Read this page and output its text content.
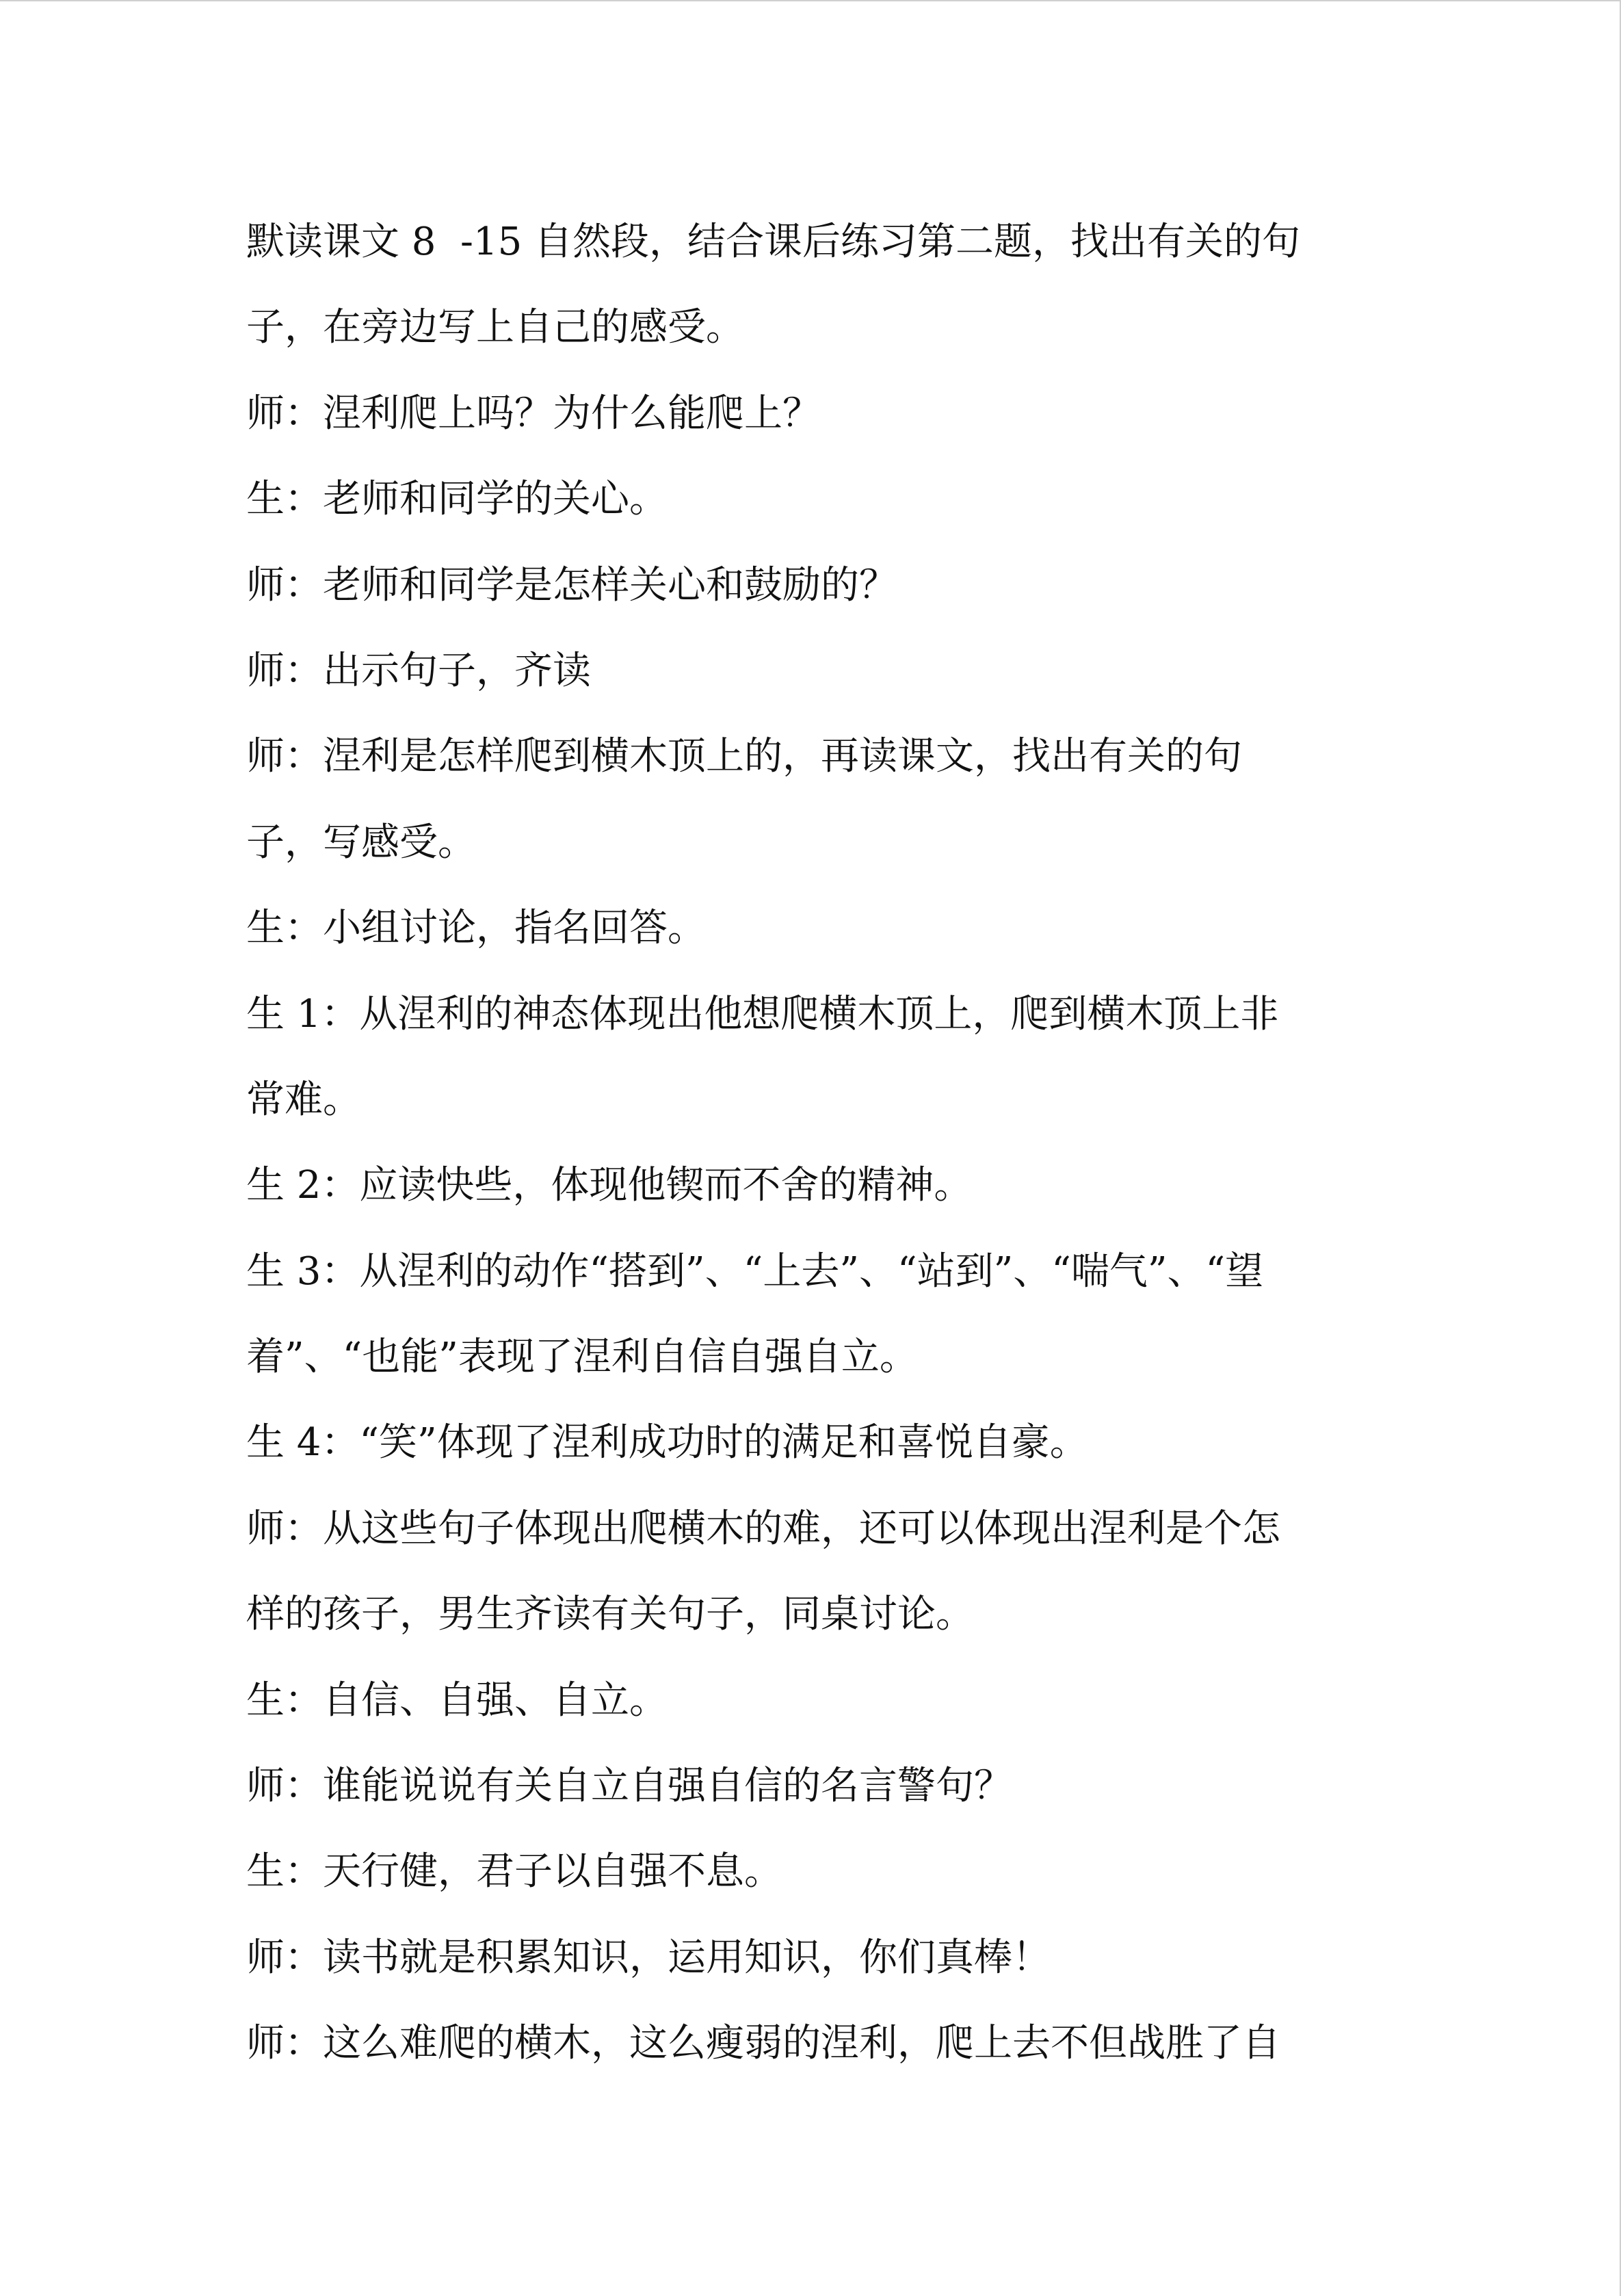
默读课文 8  -15 自然段，结合课后练习第二题，找出有关的句
子，在旁边写上自己的感受。
师：涅利爬上吗？为什么能爬上？
生：老师和同学的关心。
师：老师和同学是怎样关心和鼓励的？
师：出示句子，齐读
师：涅利是怎样爬到横木顶上的，再读课文，找出有关的句
子，写感受。
生：小组讨论，指名回答。
生 1：从涅利的神态体现出他想爬横木顶上，爬到横木顶上非
常难。
生 2：应读快些，体现他锲而不舍的精神。
生 3：从涅利的动作“搭到”、“上去”、“站到”、“喘气”、“望
着”、“也能”表现了涅利自信自强自立。
生 4：“笑”体现了涅利成功时的满足和喜悦自豪。
师：从这些句子体现出爬横木的难，还可以体现出涅利是个怎
样的孩子，男生齐读有关句子，同桌讨论。
生：自信、自强、自立。
师：谁能说说有关自立自强自信的名言警句？
生：天行健，君子以自强不息。
师：读书就是积累知识，运用知识，你们真棒！
师：这么难爬的横木，这么瘦弱的涅利，爬上去不但战胜了自
